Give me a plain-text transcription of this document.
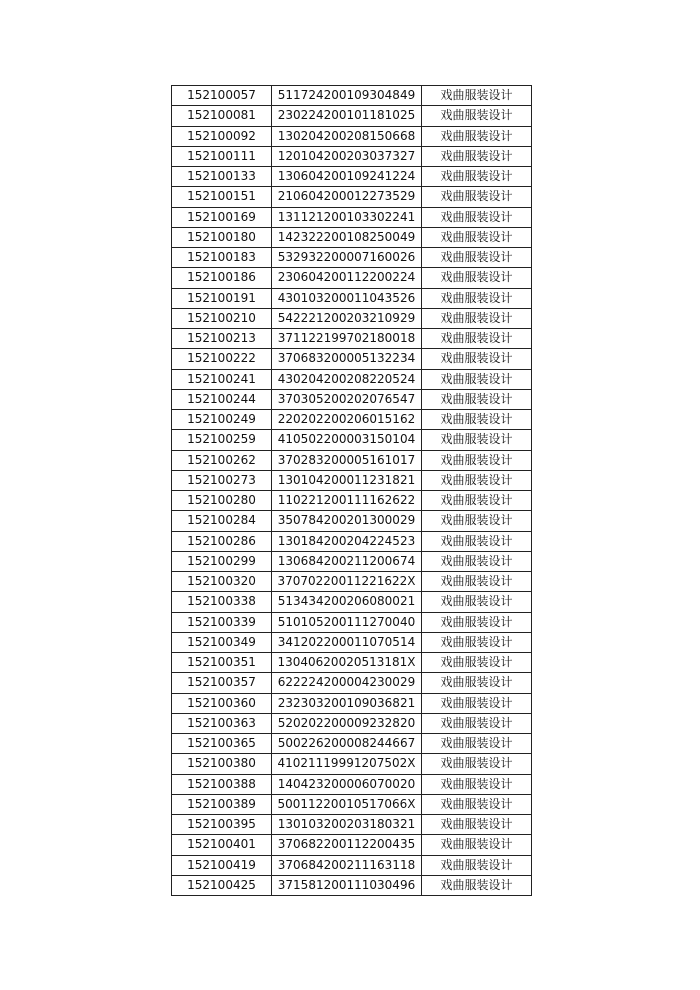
152100057	511724200109304849	戏曲服装设计
152100081	230224200101181025	戏曲服装设计
152100092	130204200208150668	戏曲服装设计
152100111	120104200203037327	戏曲服装设计
152100133	130604200109241224	戏曲服装设计
152100151	210604200012273529	戏曲服装设计
152100169	131121200103302241	戏曲服装设计
152100180	142322200108250049	戏曲服装设计
152100183	532932200007160026	戏曲服装设计
152100186	230604200112200224	戏曲服装设计
152100191	430103200011043526	戏曲服装设计
152100210	542221200203210929	戏曲服装设计
152100213	371122199702180018	戏曲服装设计
152100222	370683200005132234	戏曲服装设计
152100241	430204200208220524	戏曲服装设计
152100244	370305200202076547	戏曲服装设计
152100249	220202200206015162	戏曲服装设计
152100259	410502200003150104	戏曲服装设计
152100262	370283200005161017	戏曲服装设计
152100273	130104200011231821	戏曲服装设计
152100280	110221200111162622	戏曲服装设计
152100284	350784200201300029	戏曲服装设计
152100286	130184200204224523	戏曲服装设计
152100299	130684200211200674	戏曲服装设计
152100320	37070220011221622X	戏曲服装设计
152100338	513434200206080021	戏曲服装设计
152100339	510105200111270040	戏曲服装设计
152100349	341202200011070514	戏曲服装设计
152100351	13040620020513181X	戏曲服装设计
152100357	622224200004230029	戏曲服装设计
152100360	232303200109036821	戏曲服装设计
152100363	520202200009232820	戏曲服装设计
152100365	500226200008244667	戏曲服装设计
152100380	41021119991207502X	戏曲服装设计
152100388	140423200006070020	戏曲服装设计
152100389	50011220010517066X	戏曲服装设计
152100395	130103200203180321	戏曲服装设计
152100401	370682200112200435	戏曲服装设计
152100419	370684200211163118	戏曲服装设计
152100425	371581200111030496	戏曲服装设计
